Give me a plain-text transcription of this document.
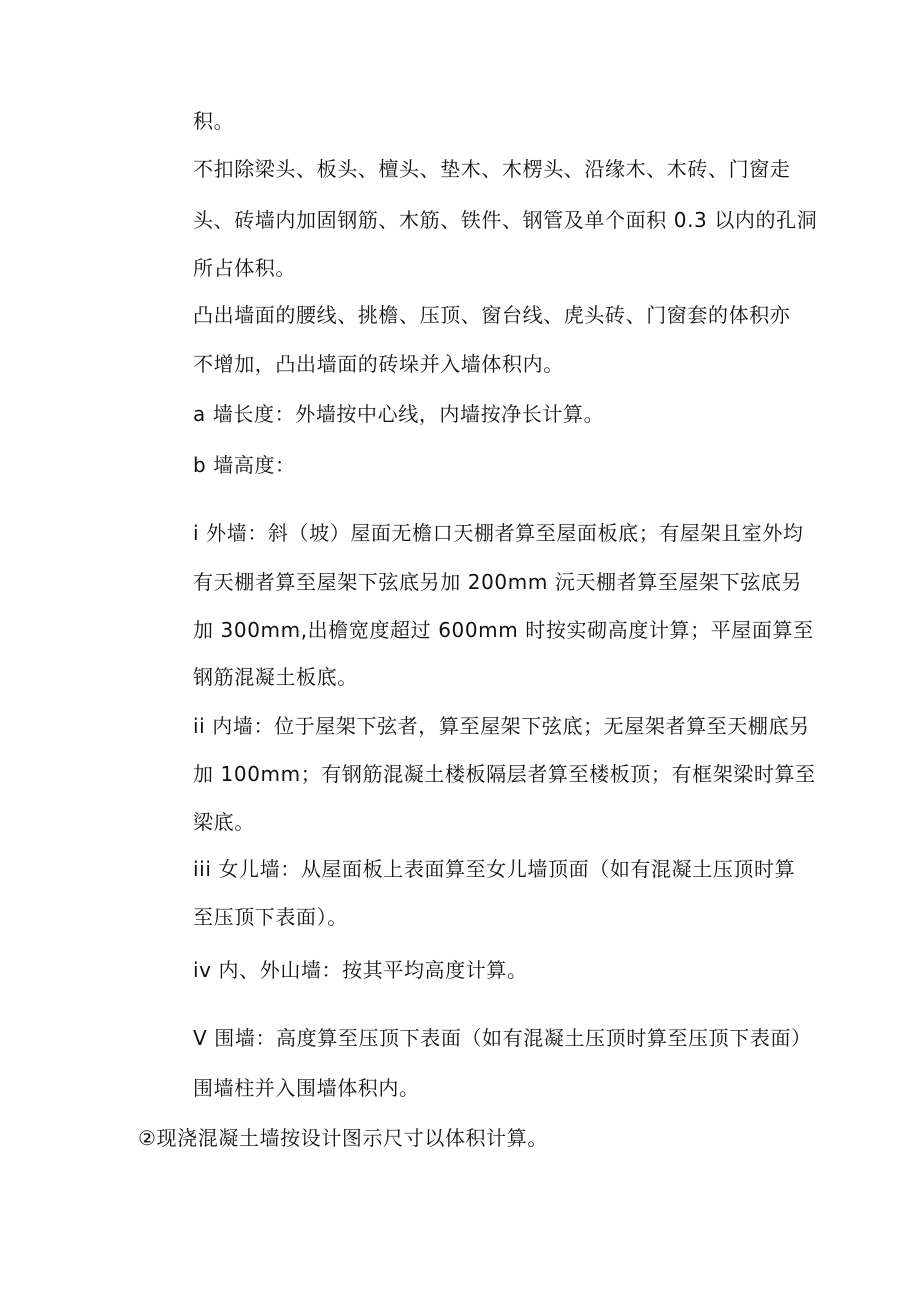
积。
不扣除梁头、板头、檀头、垫木、木楞头、沿缘木、木砖、门窗走
头、砖墙内加固钢筋、木筋、铁件、钢管及单个面积 0.3 以内的孔洞
所占体积。
凸出墙面的腰线、挑檐、压顶、窗台线、虎头砖、门窗套的体积亦
不增加，凸出墙面的砖垛并入墙体积内。
a 墙长度：外墙按中心线，内墙按净长计算。
b 墙高度：
i 外墙：斜（坡）屋面无檐口天棚者算至屋面板底；有屋架且室外均
有天棚者算至屋架下弦底另加 200mm 沅天棚者算至屋架下弦底另
加 300mm,出檐宽度超过 600mm 时按实砌高度计算；平屋面算至
钢筋混凝土板底。
ii 内墙：位于屋架下弦者，算至屋架下弦底；无屋架者算至天棚底另
加 100mm；有钢筋混凝土楼板隔层者算至楼板顶；有框架梁时算至
梁底。
iii 女儿墙：从屋面板上表面算至女儿墙顶面（如有混凝土压顶时算
至压顶下表面）。
iv 内、外山墙：按其平均高度计算。
Ⅴ 围墙：高度算至压顶下表面（如有混凝土压顶时算至压顶下表面）
围墙柱并入围墙体积内。
②现浇混凝土墙按设计图示尺寸以体积计算。
